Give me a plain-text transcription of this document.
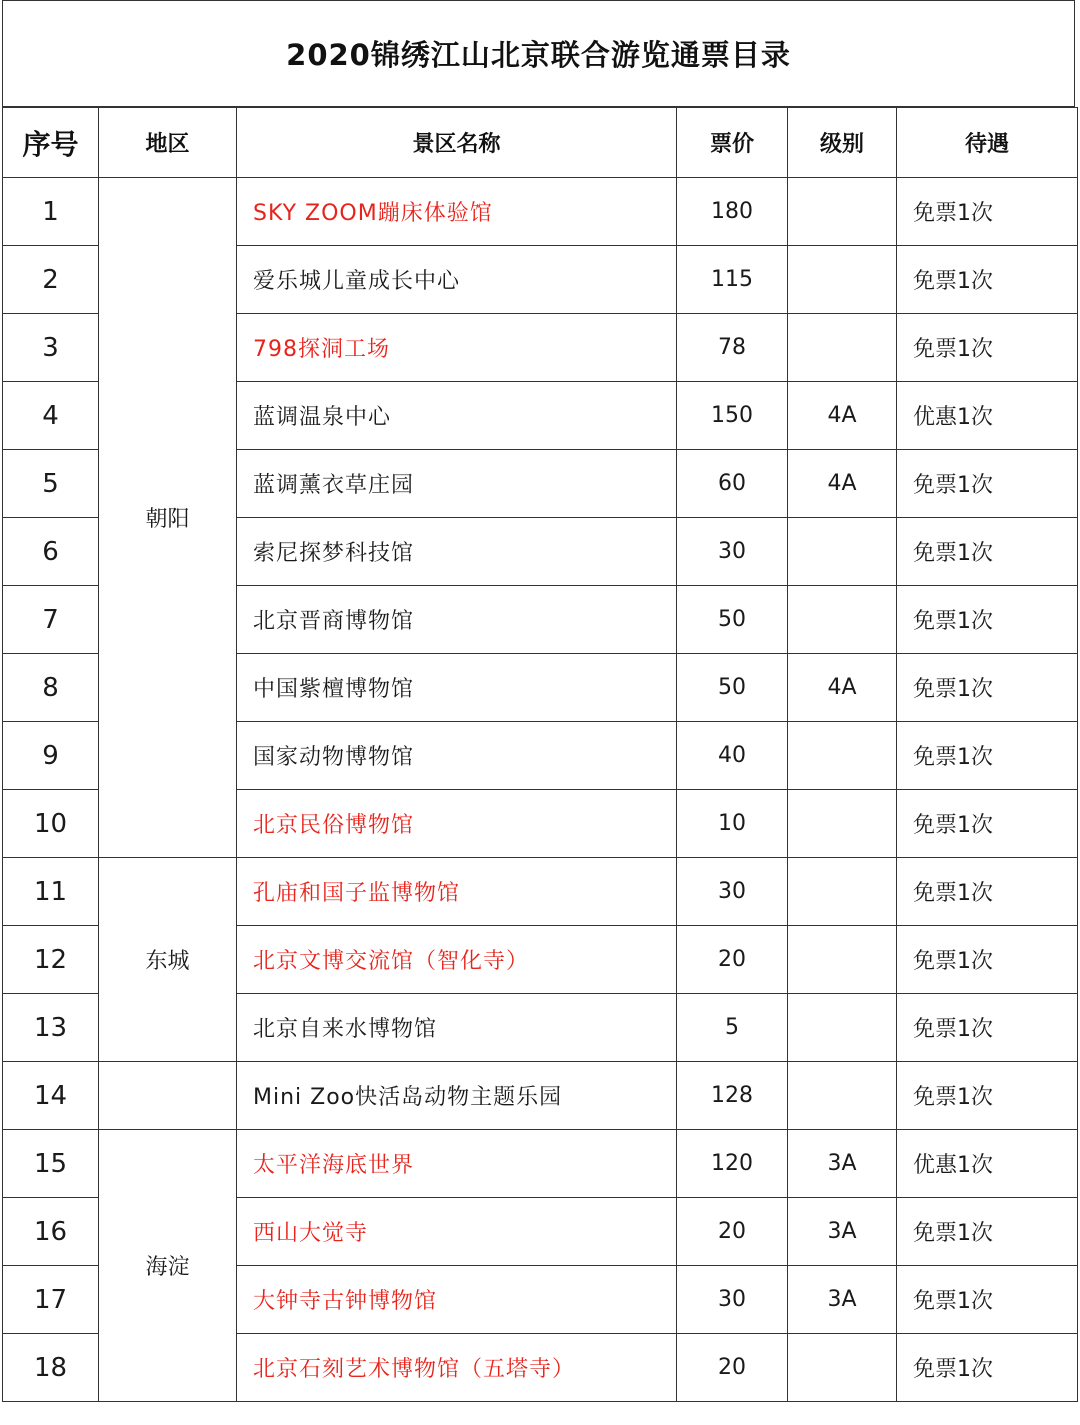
2020锦绣江山北京联合游览通票目录
序号	地区	景区名称	票价	级别	待遇
1	朝阳	SKY ZOOM蹦床体验馆	180		免票1次
2		爱乐城儿童成长中心	115		免票1次
3		798探洞工场	78		免票1次
4		蓝调温泉中心	150	4A	优惠1次
5		蓝调薰衣草庄园	60	4A	免票1次
6		索尼探梦科技馆	30		免票1次
7		北京晋商博物馆	50		免票1次
8		中国紫檀博物馆	50	4A	免票1次
9		国家动物博物馆	40		免票1次
10		北京民俗博物馆	10		免票1次
11	东城	孔庙和国子监博物馆	30		免票1次
12		北京文博交流馆（智化寺）	20		免票1次
13		北京自来水博物馆	5		免票1次
14		Mini Zoo快活岛动物主题乐园	128		免票1次
15	海淀	太平洋海底世界	120	3A	优惠1次
16		西山大觉寺	20	3A	免票1次
17		大钟寺古钟博物馆	30	3A	免票1次
18		北京石刻艺术博物馆（五塔寺）	20		免票1次
